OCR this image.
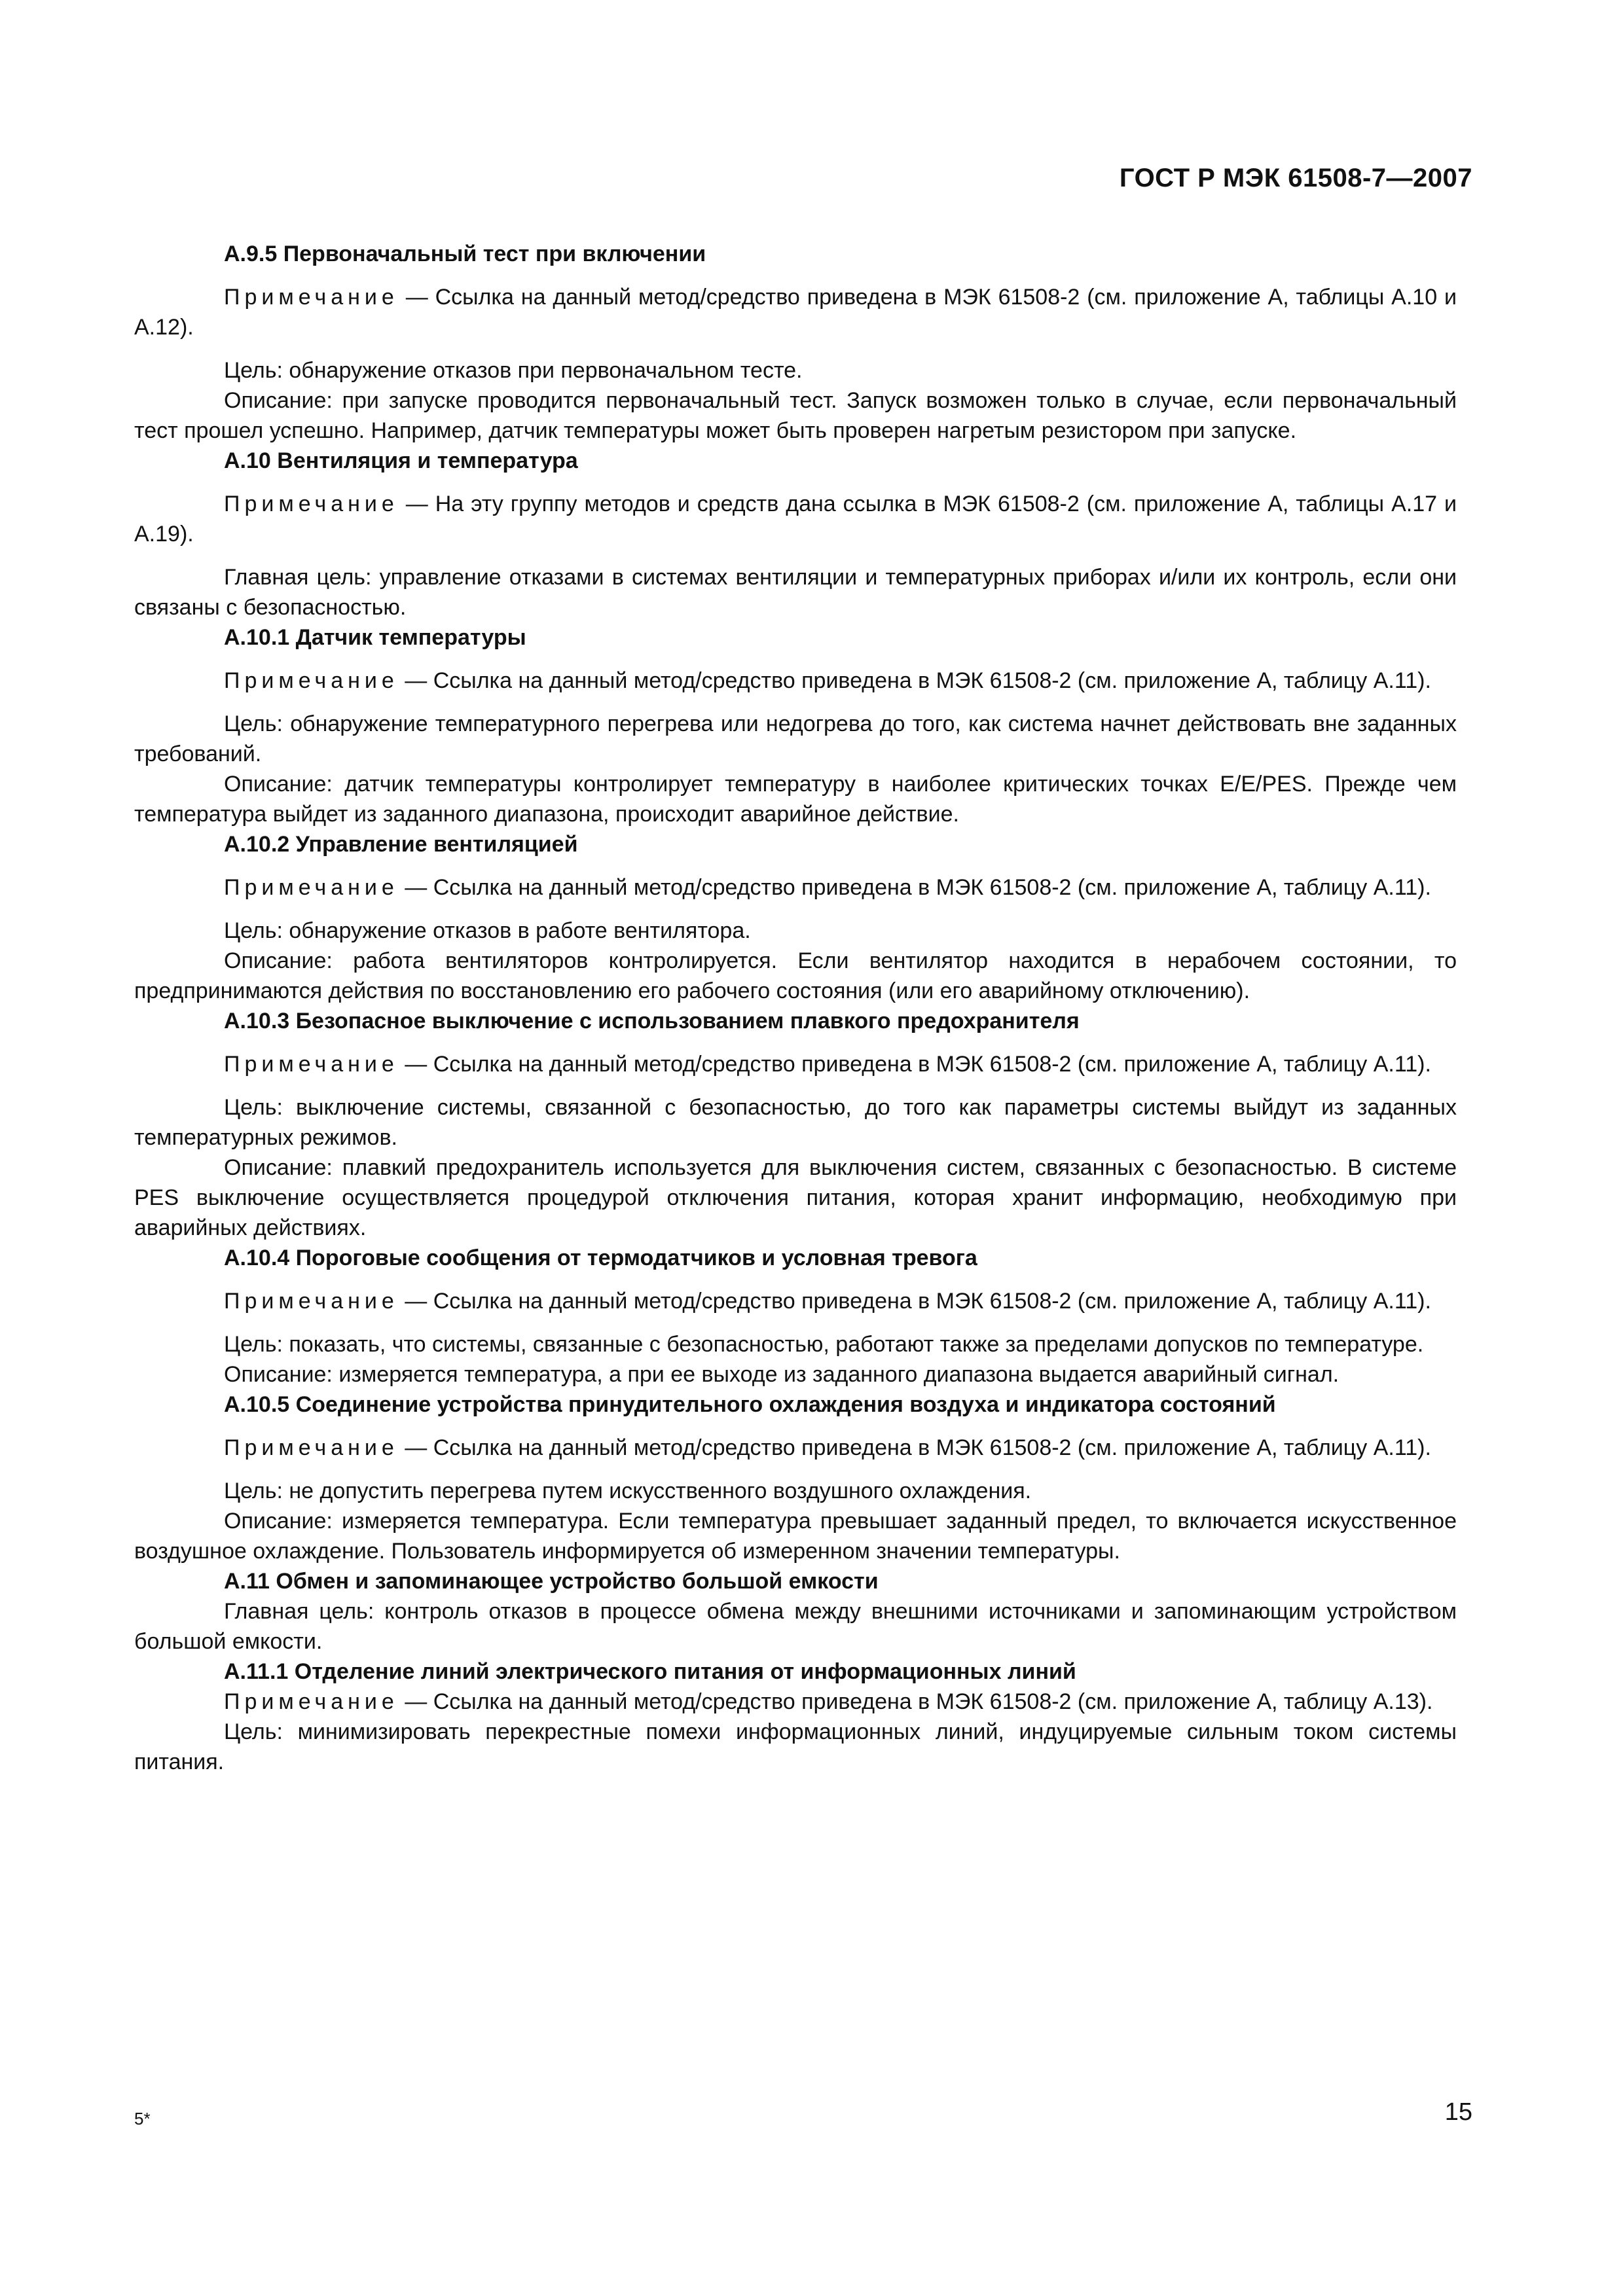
ГОСТ Р МЭК 61508-7—2007
А.9.5 Первоначальный тест при включении

Примечание — Ссылка на данный метод/средство приведена в МЭК 61508-2 (см. приложение А, таблицы А.10 и А.12).

Цель: обнаружение отказов при первоначальном тесте.

Описание: при запуске проводится первоначальный тест. Запуск возможен только в случае, если первоначальный тест прошел успешно. Например, датчик температуры может быть проверен нагретым резистором при запуске.

А.10 Вентиляция и температура

Примечание — На эту группу методов и средств дана ссылка в МЭК 61508-2 (см. приложение А, таблицы А.17 и А.19).

Главная цель: управление отказами в системах вентиляции и температурных приборах и/или их контроль, если они связаны с безопасностью.

А.10.1 Датчик температуры

Примечание — Ссылка на данный метод/средство приведена в МЭК 61508-2 (см. приложение А, таблицу А.11).

Цель: обнаружение температурного перегрева или недогрева до того, как система начнет действовать вне заданных требований.

Описание: датчик температуры контролирует температуру в наиболее критических точках E/E/PES. Прежде чем температура выйдет из заданного диапазона, происходит аварийное действие.

А.10.2 Управление вентиляцией

Примечание — Ссылка на данный метод/средство приведена в МЭК 61508-2 (см. приложение А, таблицу А.11).

Цель: обнаружение отказов в работе вентилятора.

Описание: работа вентиляторов контролируется. Если вентилятор находится в нерабочем состоянии, то предпринимаются действия по восстановлению его рабочего состояния (или его аварийному отключению).

А.10.3 Безопасное выключение с использованием плавкого предохранителя

Примечание — Ссылка на данный метод/средство приведена в МЭК 61508-2 (см. приложение А, таблицу А.11).

Цель: выключение системы, связанной с безопасностью, до того как параметры системы выйдут из заданных температурных режимов.

Описание: плавкий предохранитель используется для выключения систем, связанных с безопасностью. В системе PES выключение осуществляется процедурой отключения питания, которая хранит информацию, необходимую при аварийных действиях.

А.10.4 Пороговые сообщения от термодатчиков и условная тревога

Примечание — Ссылка на данный метод/средство приведена в МЭК 61508-2 (см. приложение А, таблицу А.11).

Цель: показать, что системы, связанные с безопасностью, работают также за пределами допусков по температуре.

Описание: измеряется температура, а при ее выходе из заданного диапазона выдается аварийный сигнал.

А.10.5 Соединение устройства принудительного охлаждения воздуха и индикатора состояний

Примечание — Ссылка на данный метод/средство приведена в МЭК 61508-2 (см. приложение А, таблицу А.11).

Цель: не допустить перегрева путем искусственного воздушного охлаждения.

Описание: измеряется температура. Если температура превышает заданный предел, то включается искусственное воздушное охлаждение. Пользователь информируется об измеренном значении температуры.

А.11 Обмен и запоминающее устройство большой емкости

Главная цель: контроль отказов в процессе обмена между внешними источниками и запоминающим устройством большой емкости.

А.11.1 Отделение линий электрического питания от информационных линий

Примечание — Ссылка на данный метод/средство приведена в МЭК 61508-2 (см. приложение А, таблицу А.13).

Цель: минимизировать перекрестные помехи информационных линий, индуцируемые сильным током системы питания.

5*	15
